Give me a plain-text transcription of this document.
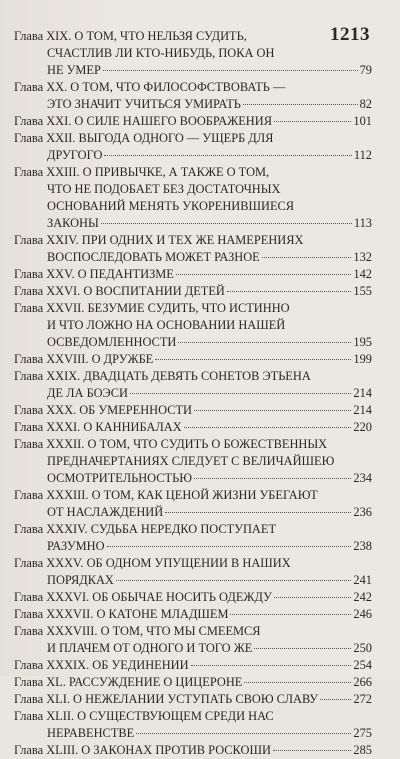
1213
Глава XIX. О ТОМ, ЧТО НЕЛЬЗЯ СУДИТЬ,
СЧАСТЛИВ ЛИ КТО-НИБУДЬ, ПОКА ОН
НЕ УМЕР	79
Глава XX. О ТОМ, ЧТО ФИЛОСОФСТВОВАТЬ —
ЭТО ЗНАЧИТ УЧИТЬСЯ УМИРАТЬ	82
Глава XXI. О СИЛЕ НАШЕГО ВООБРАЖЕНИЯ	101
Глава XXII. ВЫГОДА ОДНОГО — УЩЕРБ ДЛЯ
ДРУГОГО	112
Глава XXIII. О ПРИВЫЧКЕ, А ТАКЖЕ О ТОМ,
ЧТО НЕ ПОДОБАЕТ БЕЗ ДОСТАТОЧНЫХ
ОСНОВАНИЙ МЕНЯТЬ УКОРЕНИВШИЕСЯ
ЗАКОНЫ	113
Глава XXIV. ПРИ ОДНИХ И ТЕХ ЖЕ НАМЕРЕНИЯХ
ВОСПОСЛЕДОВАТЬ МОЖЕТ РАЗНОЕ	132
Глава XXV. О ПЕДАНТИЗМЕ	142
Глава XXVI. О ВОСПИТАНИИ ДЕТЕЙ	155
Глава XXVII. БЕЗУМИЕ СУДИТЬ, ЧТО ИСТИННО
И ЧТО ЛОЖНО НА ОСНОВАНИИ НАШЕЙ
ОСВЕДОМЛЕННОСТИ	195
Глава XXVIII. О ДРУЖБЕ	199
Глава XXIX. ДВАДЦАТЬ ДЕВЯТЬ СОНЕТОВ ЭТЬЕНА
ДЕ ЛА БОЭСИ	214
Глава XXX. ОБ УМЕРЕННОСТИ	214
Глава XXXI. О КАННИБАЛАХ	220
Глава XXXII. О ТОМ, ЧТО СУДИТЬ О БОЖЕСТВЕННЫХ
ПРЕДНАЧЕРТАНИЯХ СЛЕДУЕТ С ВЕЛИЧАЙШЕЮ
ОСМОТРИТЕЛЬНОСТЬЮ	234
Глава XXXIII. О ТОМ, КАК ЦЕНОЙ ЖИЗНИ УБЕГАЮТ
ОТ НАСЛАЖДЕНИЙ	236
Глава XXXIV. СУДЬБА НЕРЕДКО ПОСТУПАЕТ
РАЗУМНО	238
Глава XXXV. ОБ ОДНОМ УПУЩЕНИИ В НАШИХ
ПОРЯДКАХ	241
Глава XXXVI. ОБ ОБЫЧАЕ НОСИТЬ ОДЕЖДУ	242
Глава XXXVII. О КАТОНЕ МЛАДШЕМ	246
Глава XXXVIII. О ТОМ, ЧТО МЫ СМЕЕМСЯ
И ПЛАЧЕМ ОТ ОДНОГО И ТОГО ЖЕ	250
Глава XXXIX. ОБ УЕДИНЕНИИ	254
Глава XL. РАССУЖДЕНИЕ О ЦИЦЕРОНЕ	266
Глава XLI. О НЕЖЕЛАНИИ УСТУПАТЬ СВОЮ СЛАВУ	272
Глава XLII. О СУЩЕСТВУЮЩЕМ СРЕДИ НАС
НЕРАВЕНСТВЕ	275
Глава XLIII. О ЗАКОНАХ ПРОТИВ РОСКОШИ	285
